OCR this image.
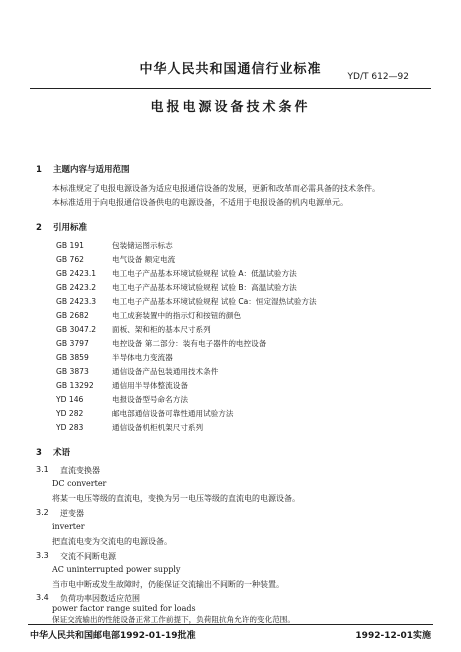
中华人民共和国通信行业标准	YD/T 612—92
电报电源设备技术条件
1 主题内容与适用范围
本标准规定了电报电源设备为适应电报通信设备的发展，更新和改革而必需具备的技术条件。
本标准适用于向电报通信设备供电的电源设备，不适用于电报设备的机内电源单元。
2 引用标准
GB 191	包装储运图示标志
GB 762	电气设备 额定电流
GB 2423.1 电工电子产品基本环境试验规程 试验 A：低温试验方法
GB 2423.2 电工电子产品基本环境试验规程 试验 B：高温试验方法
GB 2423.3 电工电子产品基本环境试验规程 试验 Ca：恒定湿热试验方法
GB 2682	电工成套装置中的指示灯和按钮的颜色
GB 3047.2 面板、架和柜的基本尺寸系列
GB 3797	电控设备 第二部分：装有电子器件的电控设备
GB 3859	半导体电力变流器
GB 3873	通信设备产品包装通用技术条件
GB 13292 通信用半导体整流设备
YD 146	电报设备型号命名方法
YD 282	邮电部通信设备可靠性通用试验方法
YD 283	通信设备机柜机架尺寸系列
3 术语
3.1 直流变换器
DC converter
将某一电压等级的直流电，变换为另一电压等级的直流电的电源设备。
3.2 逆变器
inverter
把直流电变为交流电的电源设备。
3.3 交流不间断电源
AC uninterrupted power supply
当市电中断或发生故障时，仍能保证交流输出不间断的一种装置。
3.4 负荷功率因数适应范围
power factor range suited for loads
保证交流输出的性能设备正常工作前提下，负荷阻抗角允许的变化范围。
中华人民共和国邮电部1992-01-19批准	1992-12-01实施
